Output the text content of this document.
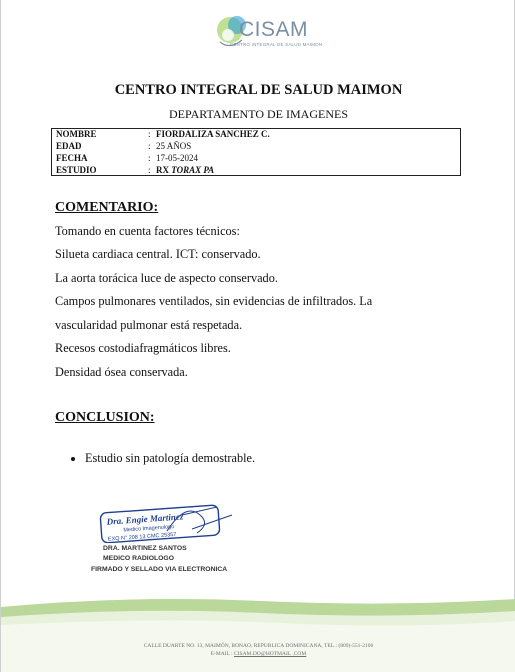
CISAM
CENTRO INTEGRAL DE SALUD MAIMON
CENTRO INTEGRAL DE SALUD MAIMON
DEPARTAMENTO DE IMAGENES
NOMBRE	: FIORDALIZA SANCHEZ C.
EDAD	: 25 AÑOS
FECHA	: 17-05-2024
ESTUDIO	: RX TORAX PA
COMENTARIO:
Tomando en cuenta factores técnicos:
Silueta cardiaca central. ICT: conservado.
La aorta torácica luce de aspecto conservado.
Campos pulmonares ventilados, sin evidencias de infiltrados. La
vascularidad pulmonar está respetada.
Recesos costodiafragmáticos libres.
Densidad ósea conservada.
CONCLUSION:
Estudio sin patología demostrable.
Dra. Engie Martinez
Medico Imagenologo
EXQ N° 208 13 CMC 25357
DRA. MARTINEZ SANTOS
MEDICO RADIOLOGO
FIRMADO Y SELLADO VIA ELECTRONICA
CALLE DUARTE NO. 13, MAIMÓN, BONAO, REPUBLICA DOMINICANA, TEL.: (809)-551-2106
E-MAIL : CISAM.DO@HOTMAIL .COM
